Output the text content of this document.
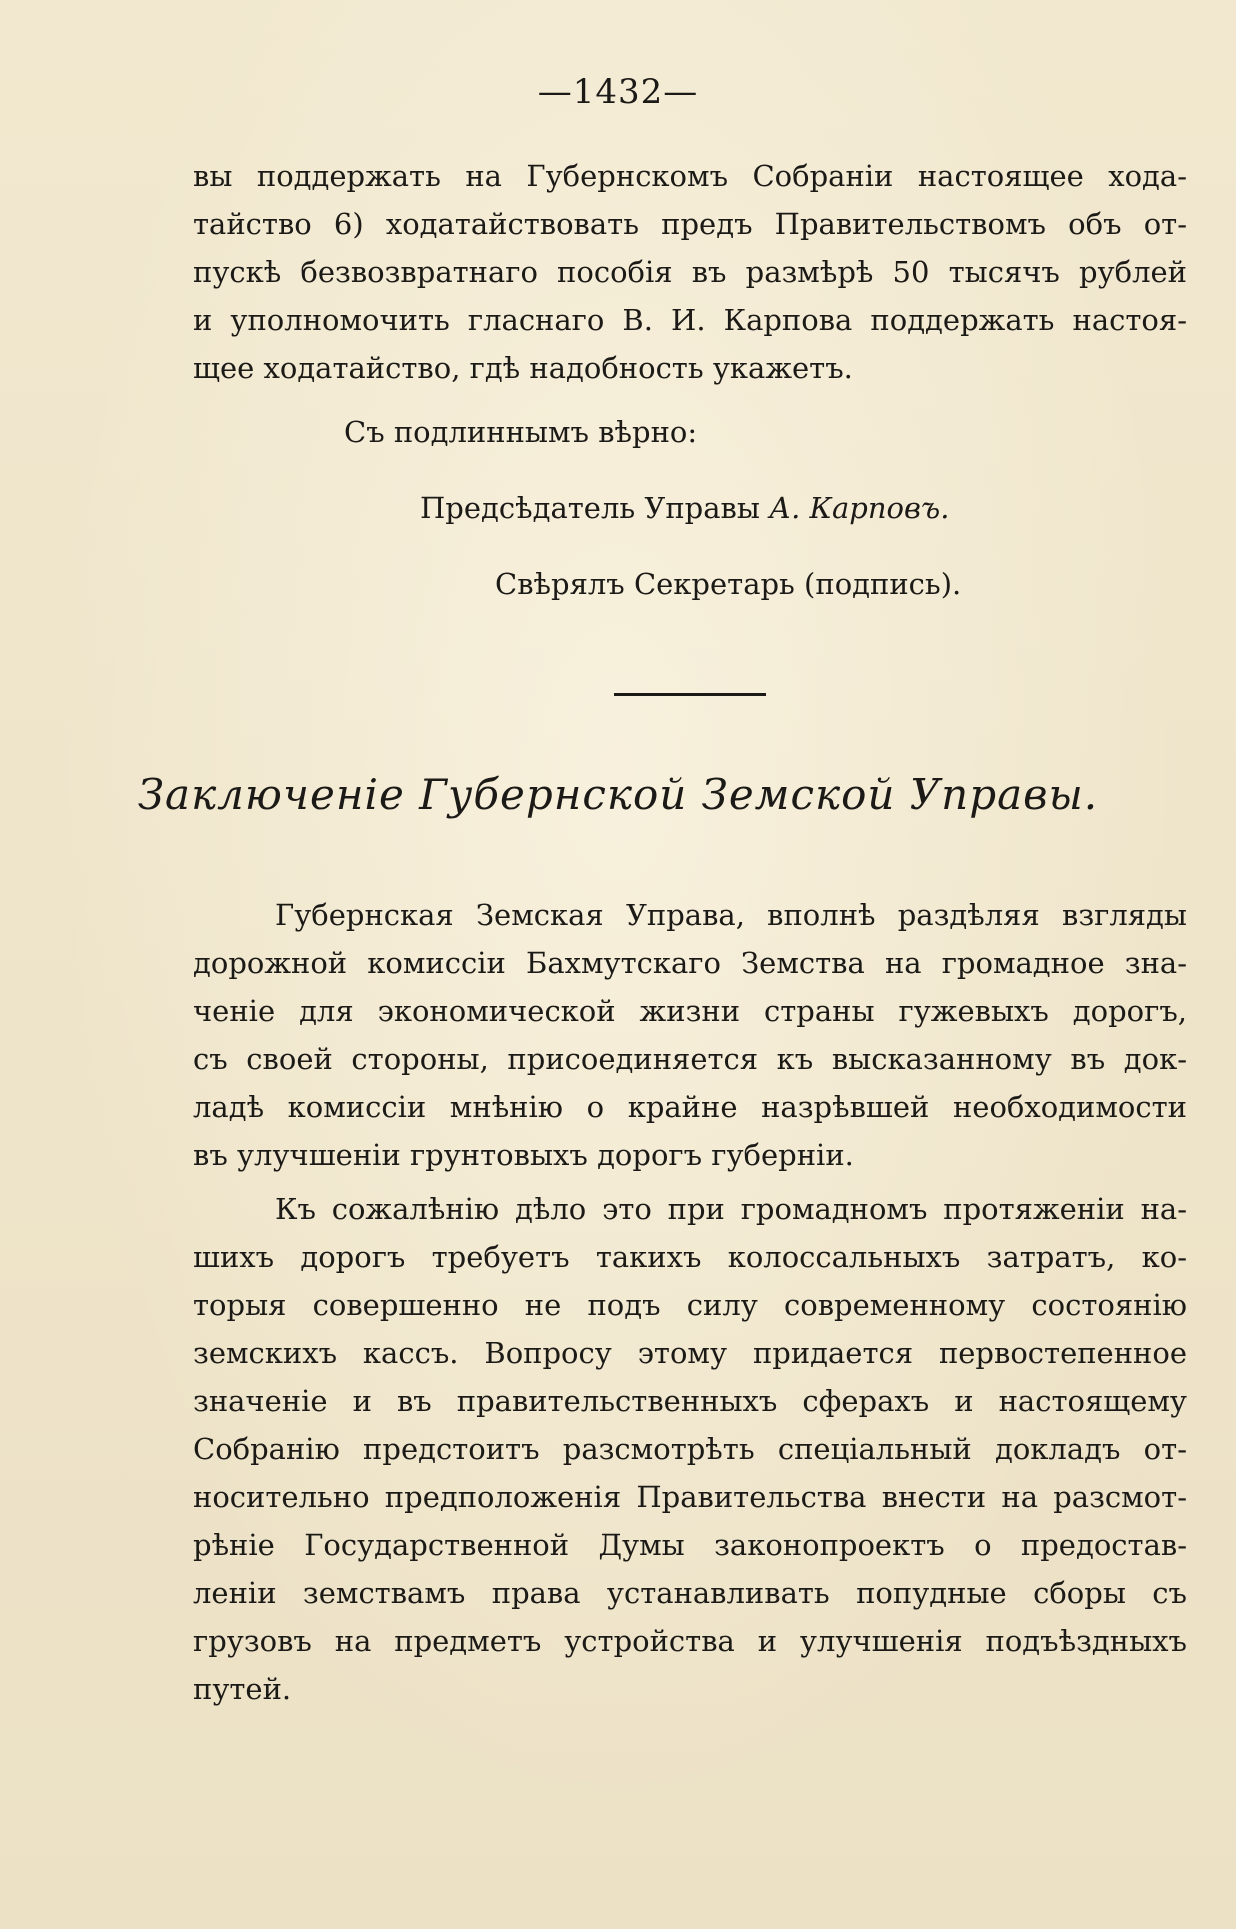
—1432—
вы поддержать на Губернскомъ Собраніи настоящее хода-
тайство 6) ходатайствовать предъ Правительствомъ объ от-
пускѣ безвозвратнаго пособія въ размѣрѣ 50 тысячъ рублей
и уполномочить гласнаго В. И. Карпова поддержать настоя-
щее ходатайство, гдѣ надобность укажетъ.
Съ подлиннымъ вѣрно:
Предсѣдатель Управы А. Карповъ.
Свѣрялъ Секретарь (подпись).
Заключеніе Губернской Земской Управы.
Губернская Земская Управа, вполнѣ раздѣляя взгляды
дорожной комиссіи Бахмутскаго Земства на громадное зна-
ченіе для экономической жизни страны гужевыхъ дорогъ,
съ своей стороны, присоединяется къ высказанному въ док-
ладѣ комиссіи мнѣнію о крайне назрѣвшей необходимости
въ улучшеніи грунтовыхъ дорогъ губерніи.
Къ сожалѣнію дѣло это при громадномъ протяженіи на-
шихъ дорогъ требуетъ такихъ колоссальныхъ затратъ, ко-
торыя совершенно не подъ силу современному состоянію
земскихъ кассъ. Вопросу этому придается первостепенное
значеніе и въ правительственныхъ сферахъ и настоящему
Собранію предстоитъ разсмотрѣть спеціальный докладъ от-
носительно предположенія Правительства внести на разсмот-
рѣніе Государственной Думы законопроектъ о предостав-
леніи земствамъ права устанавливать попудные сборы съ
грузовъ на предметъ устройства и улучшенія подъѣздныхъ
путей.
